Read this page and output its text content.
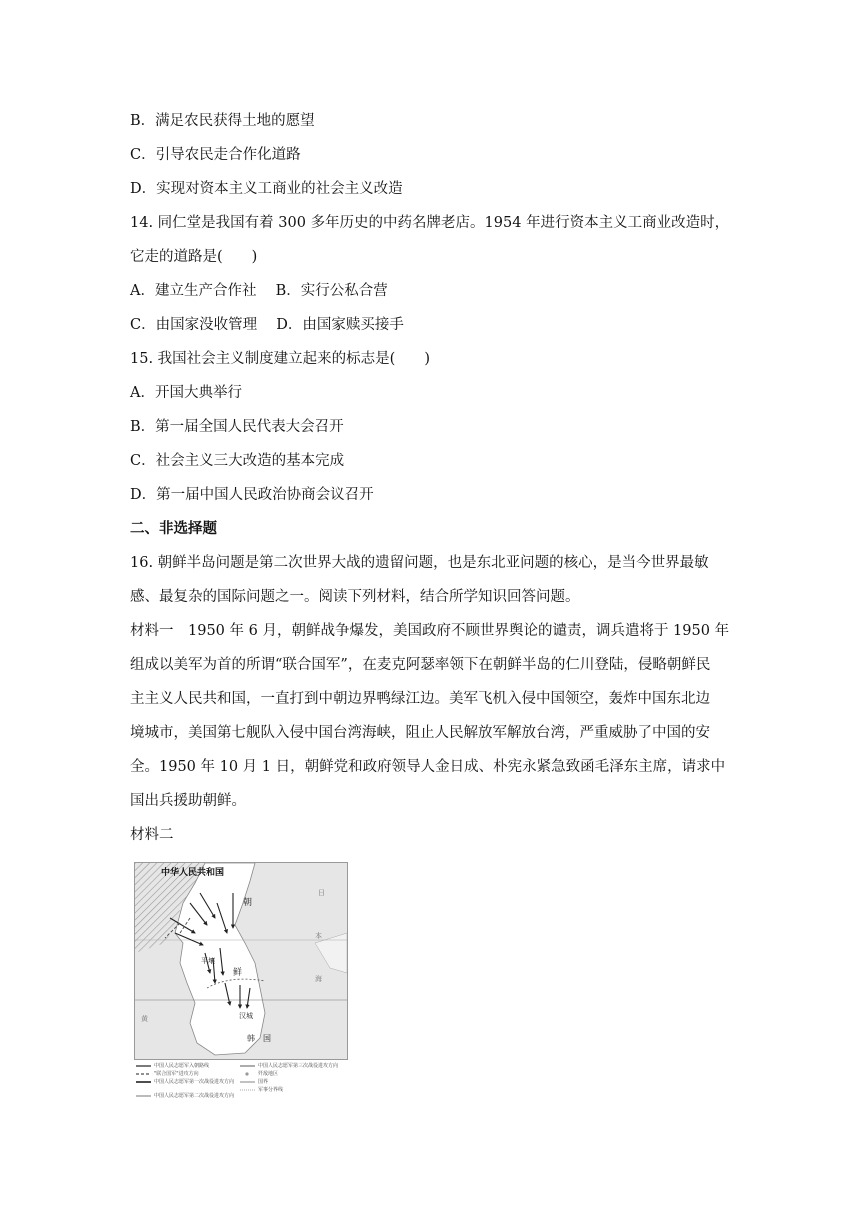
B．满足农民获得土地的愿望
C．引导农民走合作化道路
D．实现对资本主义工商业的社会主义改造
14. 同仁堂是我国有着 300 多年历史的中药名牌老店。1954 年进行资本主义工商业改造时，
它走的道路是(　　)
A．建立生产合作社　 B．实行公私合营
C．由国家没收管理　 D．由国家赎买接手
15. 我国社会主义制度建立起来的标志是(　　)
A．开国大典举行
B．第一届全国人民代表大会召开
C．社会主义三大改造的基本完成
D．第一届中国人民政治协商会议召开
二、非选择题
16. 朝鲜半岛问题是第二次世界大战的遗留问题，也是东北亚问题的核心，是当今世界最敏
感、最复杂的国际问题之一。阅读下列材料，结合所学知识回答问题。
材料一　1950 年 6 月，朝鲜战争爆发，美国政府不顾世界舆论的谴责，调兵遣将于 1950 年
组成以美军为首的所谓“联合国军”，在麦克阿瑟率领下在朝鲜半岛的仁川登陆，侵略朝鲜民
主主义人民共和国，一直打到中朝边界鸭绿江边。美军飞机入侵中国领空，轰炸中国东北边
境城市，美国第七舰队入侵中国台湾海峡，阻止人民解放军解放台湾，严重威胁了中国的安
全。1950 年 10 月 1 日，朝鲜党和政府领导人金日成、朴宪永紧急致函毛泽东主席，请求中
国出兵援助朝鲜。
材料二
中华人民共和国
朝
鲜
平壤
汉城
韩　国
日
本
海
黄
中国人民志愿军入朝路线
"联合国军"进攻方向
中国人民志愿军第一次战役进攻方向
中国人民志愿军第二次战役进攻方向
中国人民志愿军第三次战役进攻方向
歼敌地区
国界
军事分界线
